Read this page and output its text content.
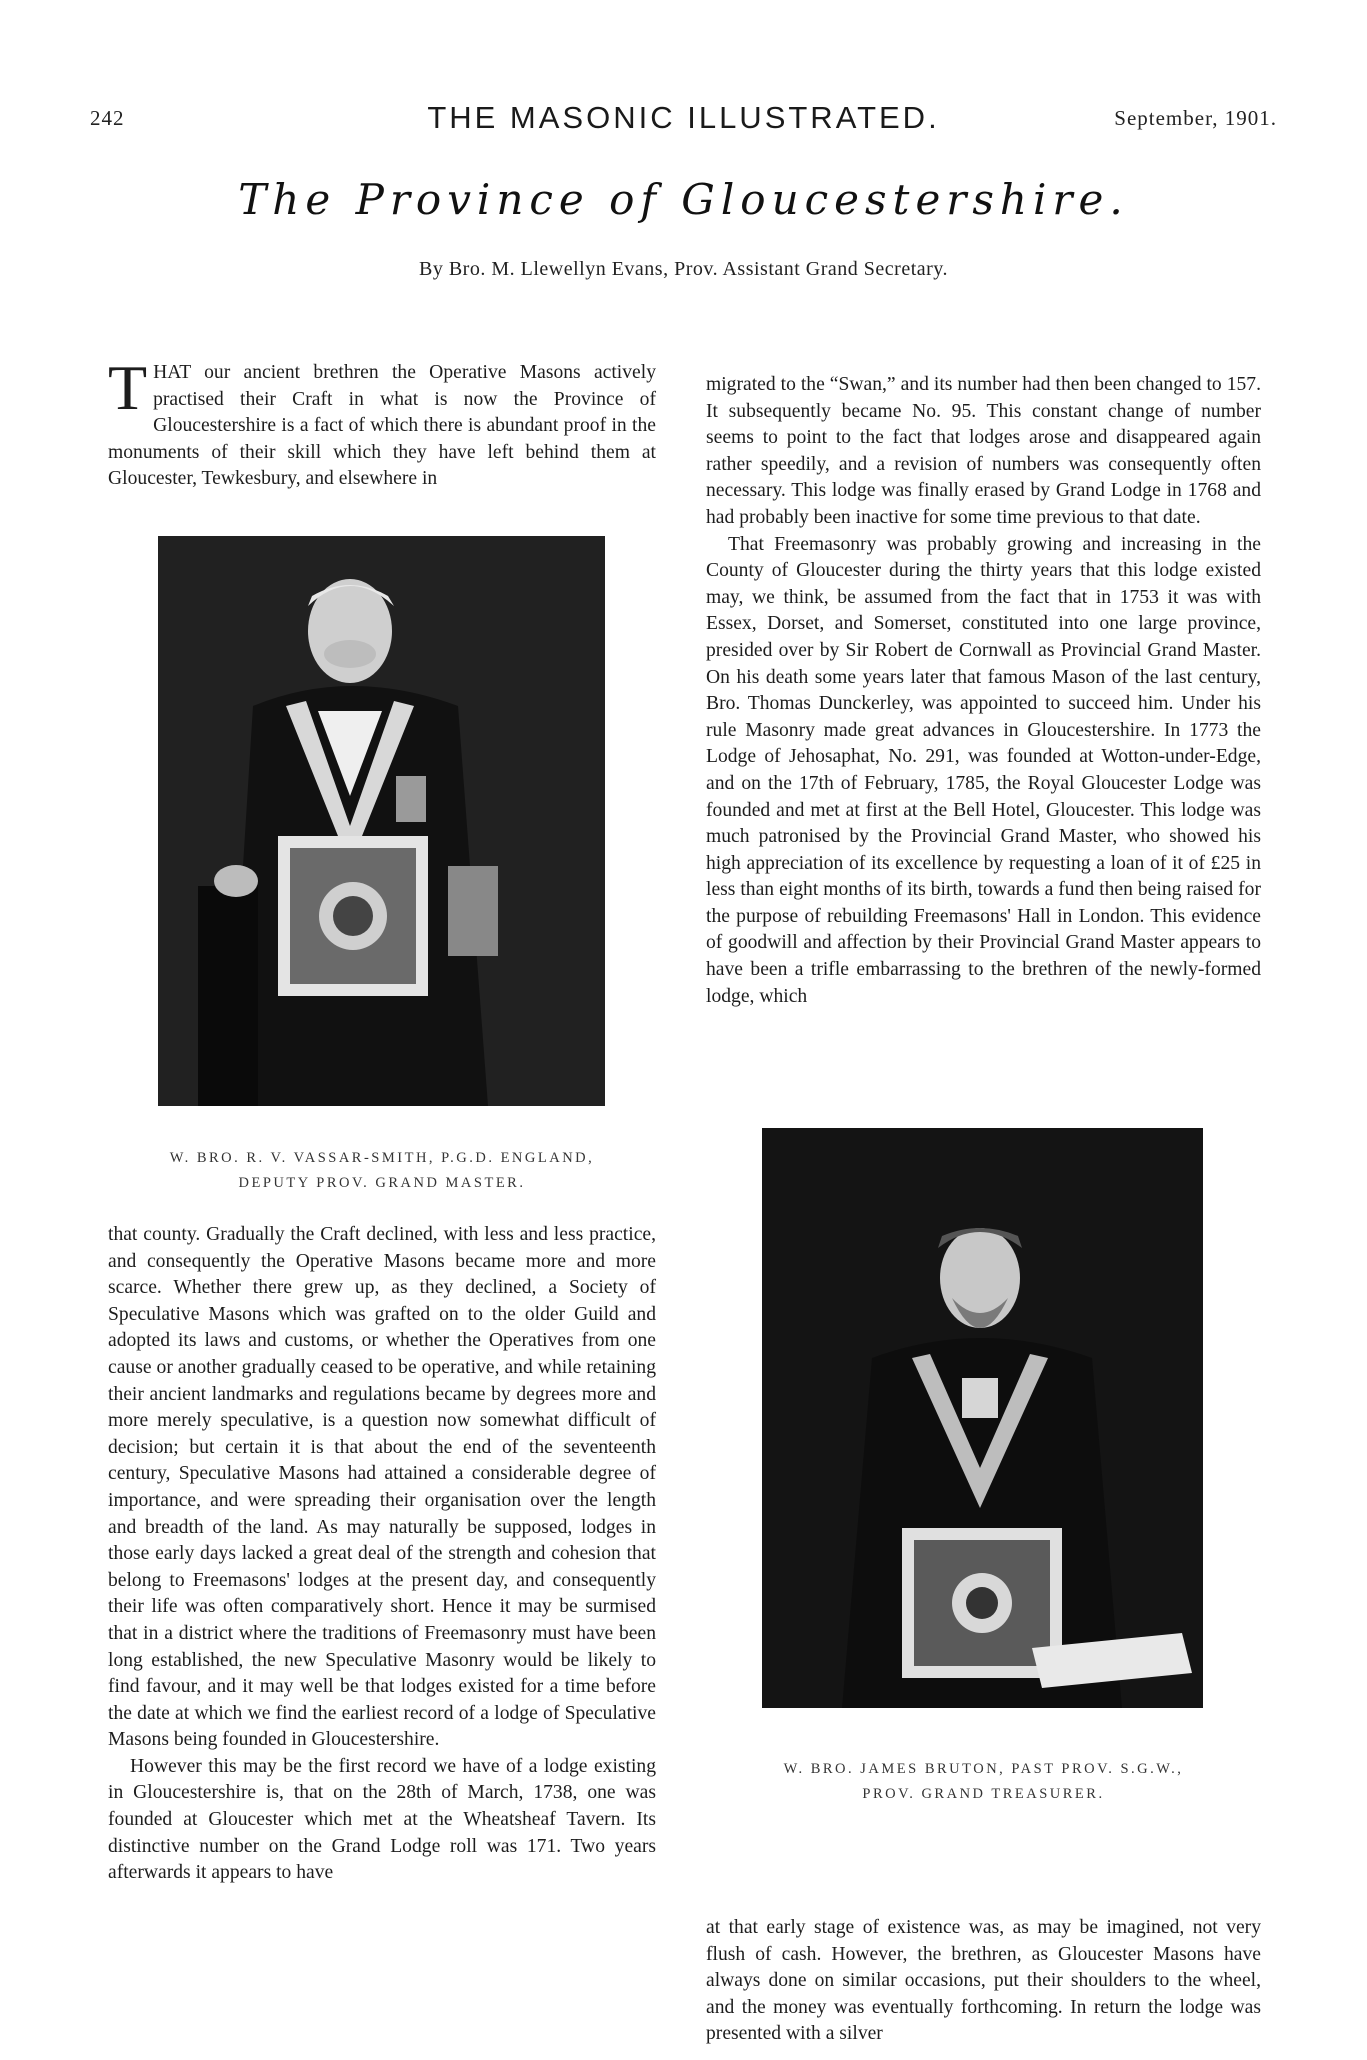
242	THE MASONIC ILLUSTRATED.	September, 1901.
The Province of Gloucestershire.
By Bro. M. Llewellyn Evans, Prov. Assistant Grand Secretary.

THAT our ancient brethren the Operative Masons actively practised their Craft in what is now the Province of Gloucestershire is a fact of which there is abundant proof in the monuments of their skill which they have left behind them at Gloucester, Tewkesbury, and elsewhere in

W. BRO. R. V. VASSAR-SMITH, P.G.D. ENGLAND,
DEPUTY PROV. GRAND MASTER.

that county. Gradually the Craft declined, with less and less practice, and consequently the Operative Masons became more and more scarce. Whether there grew up, as they declined, a Society of Speculative Masons which was grafted on to the older Guild and adopted its laws and customs, or whether the Operatives from one cause or another gradually ceased to be operative, and while retaining their ancient landmarks and regulations became by degrees more and more merely speculative, is a question now somewhat difficult of decision; but certain it is that about the end of the seventeenth century, Speculative Masons had attained a considerable degree of importance, and were spreading their organisation over the length and breadth of the land. As may naturally be supposed, lodges in those early days lacked a great deal of the strength and cohesion that belong to Freemasons' lodges at the present day, and consequently their life was often comparatively short. Hence it may be surmised that in a district where the traditions of Freemasonry must have been long established, the new Speculative Masonry would be likely to find favour, and it may well be that lodges existed for a time before the date at which we find the earliest record of a lodge of Speculative Masons being founded in Gloucestershire.

However this may be the first record we have of a lodge existing in Gloucestershire is, that on the 28th of March, 1738, one was founded at Gloucester which met at the Wheatsheaf Tavern. Its distinctive number on the Grand Lodge roll was 171. Two years afterwards it appears to have

migrated to the “Swan,” and its number had then been changed to 157. It subsequently became No. 95. This constant change of number seems to point to the fact that lodges arose and disappeared again rather speedily, and a revision of numbers was consequently often necessary. This lodge was finally erased by Grand Lodge in 1768 and had probably been inactive for some time previous to that date.

That Freemasonry was probably growing and increasing in the County of Gloucester during the thirty years that this lodge existed may, we think, be assumed from the fact that in 1753 it was with Essex, Dorset, and Somerset, constituted into one large province, presided over by Sir Robert de Cornwall as Provincial Grand Master. On his death some years later that famous Mason of the last century, Bro. Thomas Dunckerley, was appointed to succeed him. Under his rule Masonry made great advances in Gloucestershire. In 1773 the Lodge of Jehosaphat, No. 291, was founded at Wotton-under-Edge, and on the 17th of February, 1785, the Royal Gloucester Lodge was founded and met at first at the Bell Hotel, Gloucester. This lodge was much patronised by the Provincial Grand Master, who showed his high appreciation of its excellence by requesting a loan of it of £25 in less than eight months of its birth, towards a fund then being raised for the purpose of rebuilding Freemasons' Hall in London. This evidence of goodwill and affection by their Provincial Grand Master appears to have been a trifle embarrassing to the brethren of the newly-formed lodge, which

W. BRO. JAMES BRUTON, PAST PROV. S.G.W.,
PROV. GRAND TREASURER.

at that early stage of existence was, as may be imagined, not very flush of cash. However, the brethren, as Gloucester Masons have always done on similar occasions, put their shoulders to the wheel, and the money was eventually forthcoming. In return the lodge was presented with a silver
